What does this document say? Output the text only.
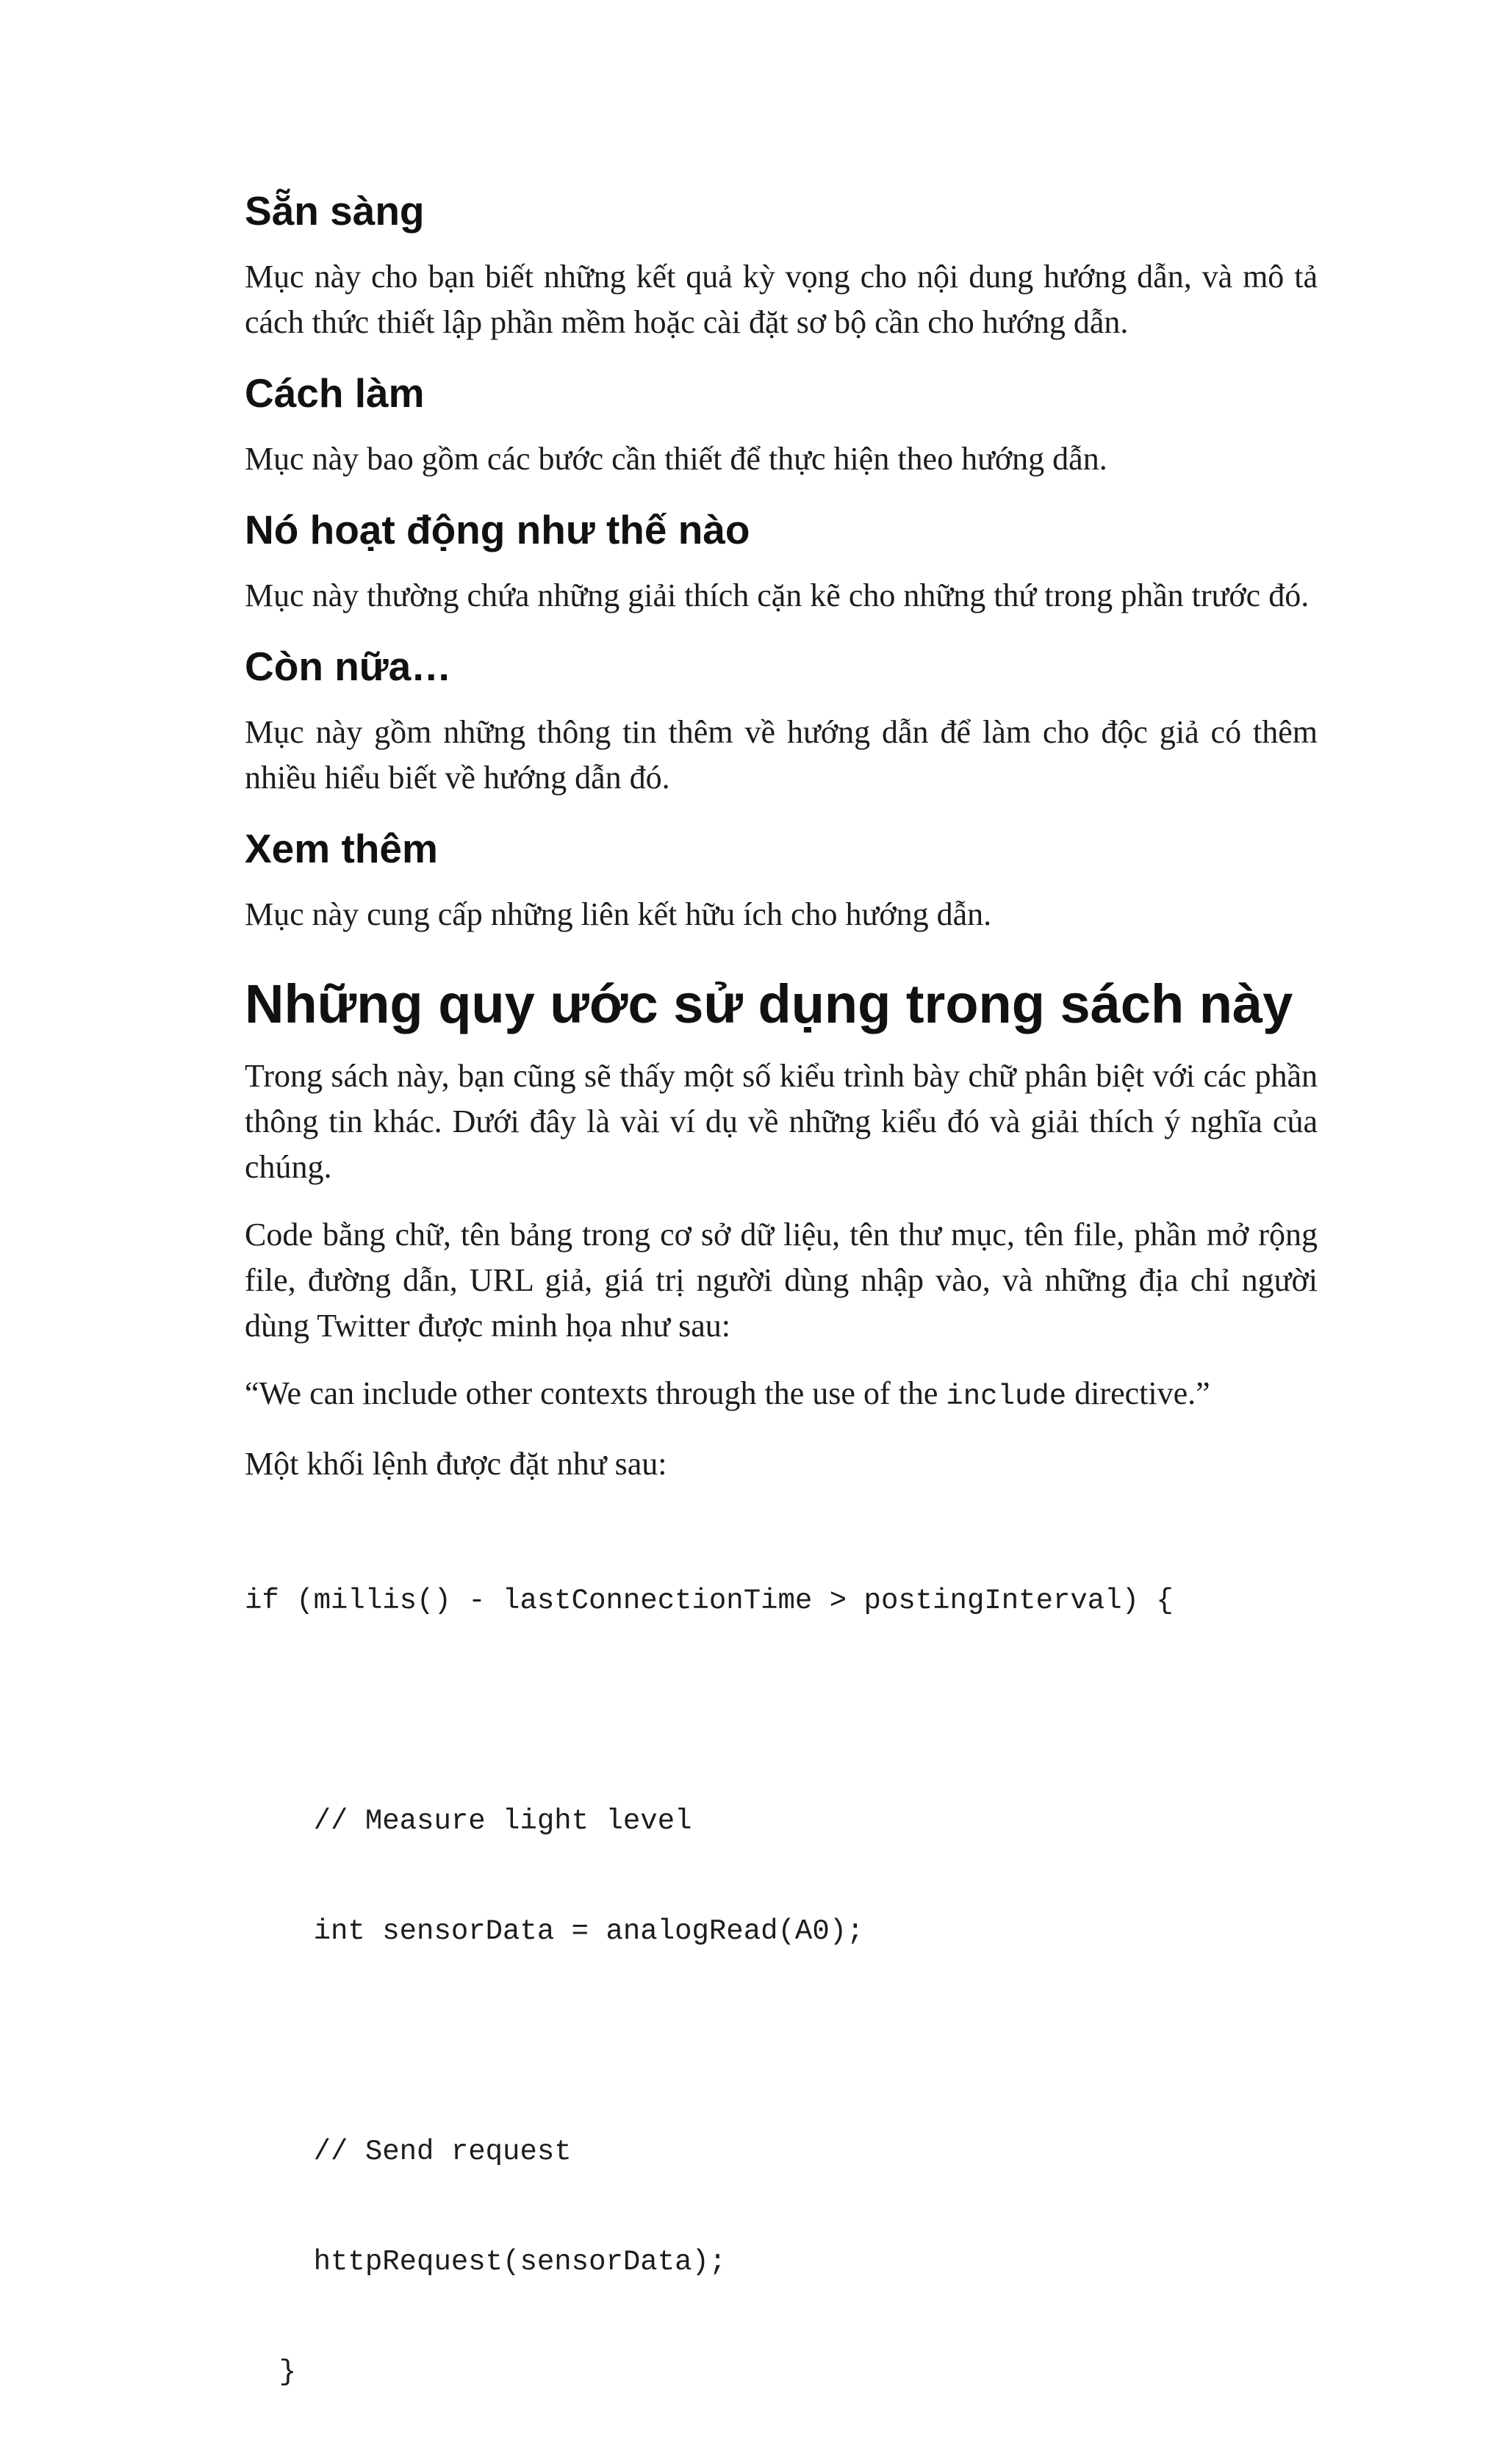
Sẵn sàng

Mục này cho bạn biết những kết quả kỳ vọng cho nội dung hướng dẫn, và mô tả cách thức thiết lập phần mềm hoặc cài đặt sơ bộ cần cho hướng dẫn.

Cách làm

Mục này bao gồm các bước cần thiết để thực hiện theo hướng dẫn.

Nó hoạt động như thế nào

Mục này thường chứa những giải thích cặn kẽ cho những thứ trong phần trước đó.

Còn nữa…

Mục này gồm những thông tin thêm về hướng dẫn để làm cho độc giả có thêm nhiều hiểu biết về hướng dẫn đó.

Xem thêm

Mục này cung cấp những liên kết hữu ích cho hướng dẫn.

Những quy ước sử dụng trong sách này

Trong sách này, bạn cũng sẽ thấy một số kiểu trình bày chữ phân biệt với các phần thông tin khác. Dưới đây là vài ví dụ về những kiểu đó và giải thích ý nghĩa của chúng.

Code bằng chữ, tên bảng trong cơ sở dữ liệu, tên thư mục, tên file, phần mở rộng file, đường dẫn, URL giả, giá trị người dùng nhập vào, và những địa chỉ người dùng Twitter được minh họa như sau:

“We can include other contexts through the use of the include directive.”

Một khối lệnh được đặt như sau:

if (millis() - lastConnectionTime > postingInterval) {

// Measure light level

int sensorData = analogRead(A0);

// Send request

httpRequest(sensorData);

}
